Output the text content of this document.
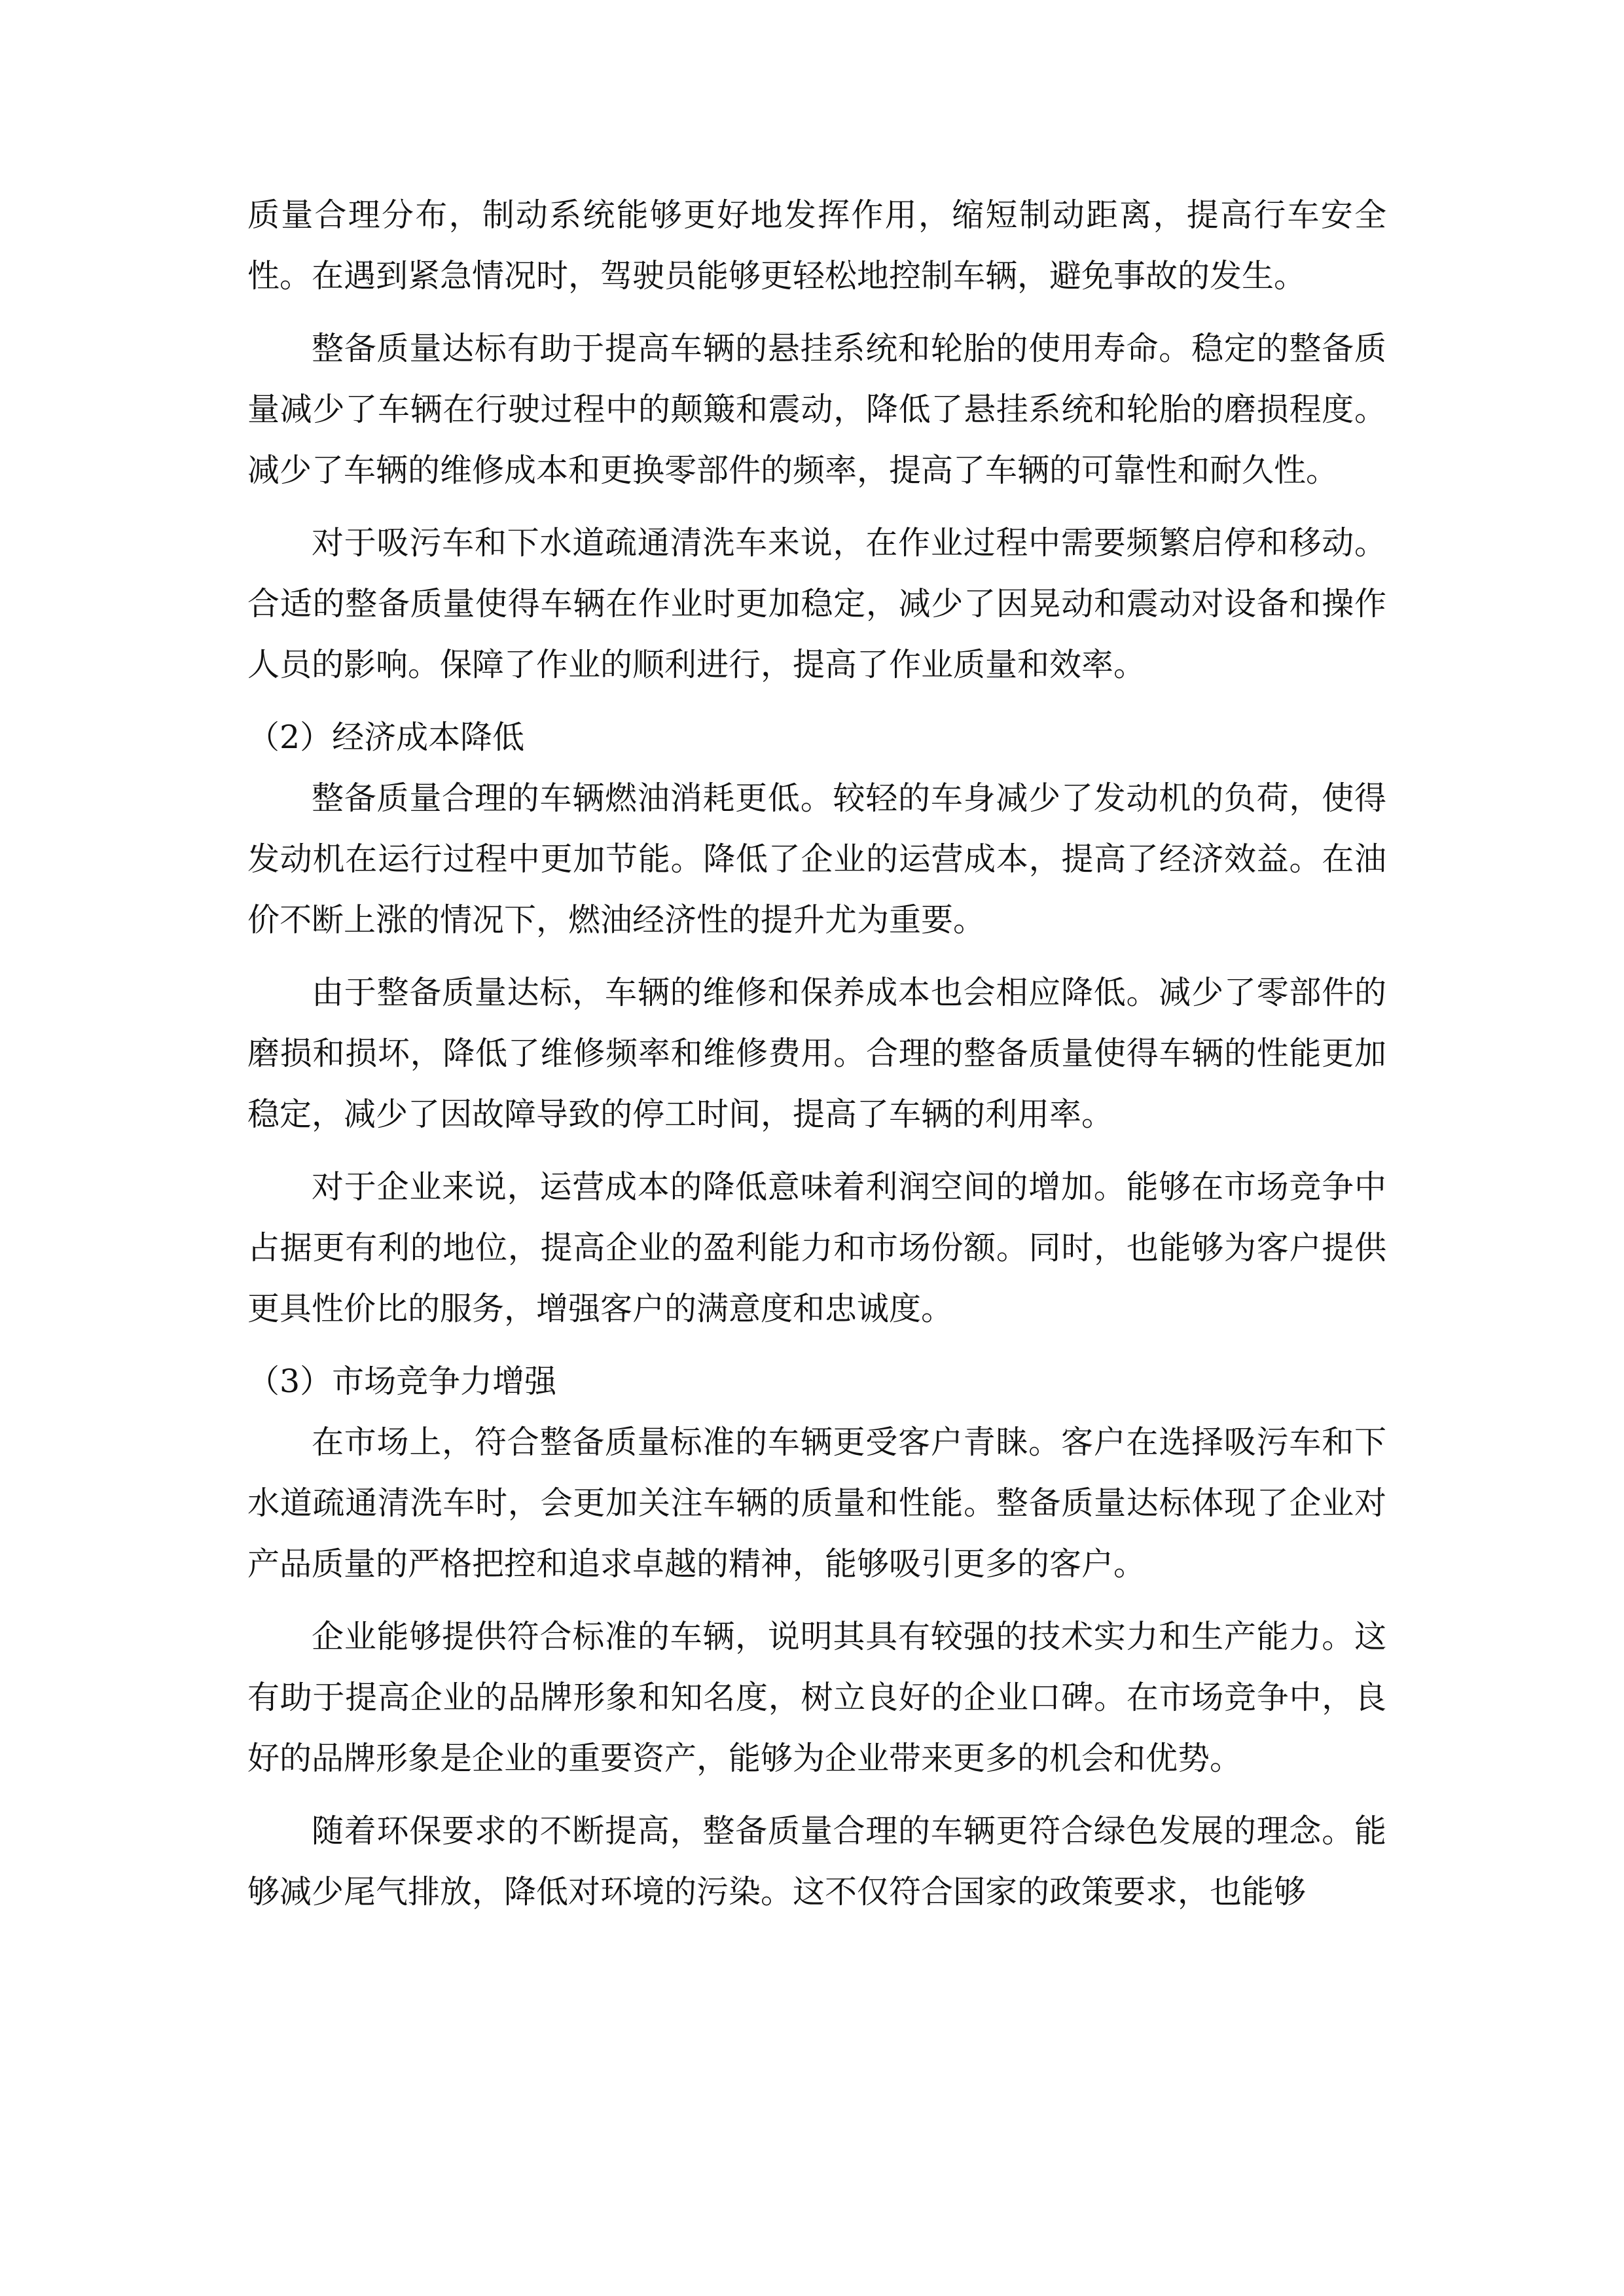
质量合理分布，制动系统能够更好地发挥作用，缩短制动距离，提高行车安全性。在遇到紧急情况时，驾驶员能够更轻松地控制车辆，避免事故的发生。

整备质量达标有助于提高车辆的悬挂系统和轮胎的使用寿命。稳定的整备质量减少了车辆在行驶过程中的颠簸和震动，降低了悬挂系统和轮胎的磨损程度。减少了车辆的维修成本和更换零部件的频率，提高了车辆的可靠性和耐久性。

对于吸污车和下水道疏通清洗车来说，在作业过程中需要频繁启停和移动。合适的整备质量使得车辆在作业时更加稳定，减少了因晃动和震动对设备和操作人员的影响。保障了作业的顺利进行，提高了作业质量和效率。

（2）经济成本降低

整备质量合理的车辆燃油消耗更低。较轻的车身减少了发动机的负荷，使得发动机在运行过程中更加节能。降低了企业的运营成本，提高了经济效益。在油价不断上涨的情况下，燃油经济性的提升尤为重要。

由于整备质量达标，车辆的维修和保养成本也会相应降低。减少了零部件的磨损和损坏，降低了维修频率和维修费用。合理的整备质量使得车辆的性能更加稳定，减少了因故障导致的停工时间，提高了车辆的利用率。

对于企业来说，运营成本的降低意味着利润空间的增加。能够在市场竞争中占据更有利的地位，提高企业的盈利能力和市场份额。同时，也能够为客户提供更具性价比的服务，增强客户的满意度和忠诚度。

（3）市场竞争力增强

在市场上，符合整备质量标准的车辆更受客户青睐。客户在选择吸污车和下水道疏通清洗车时，会更加关注车辆的质量和性能。整备质量达标体现了企业对产品质量的严格把控和追求卓越的精神，能够吸引更多的客户。

企业能够提供符合标准的车辆，说明其具有较强的技术实力和生产能力。这有助于提高企业的品牌形象和知名度，树立良好的企业口碑。在市场竞争中，良好的品牌形象是企业的重要资产，能够为企业带来更多的机会和优势。

随着环保要求的不断提高，整备质量合理的车辆更符合绿色发展的理念。能够减少尾气排放，降低对环境的污染。这不仅符合国家的政策要求，也能够
